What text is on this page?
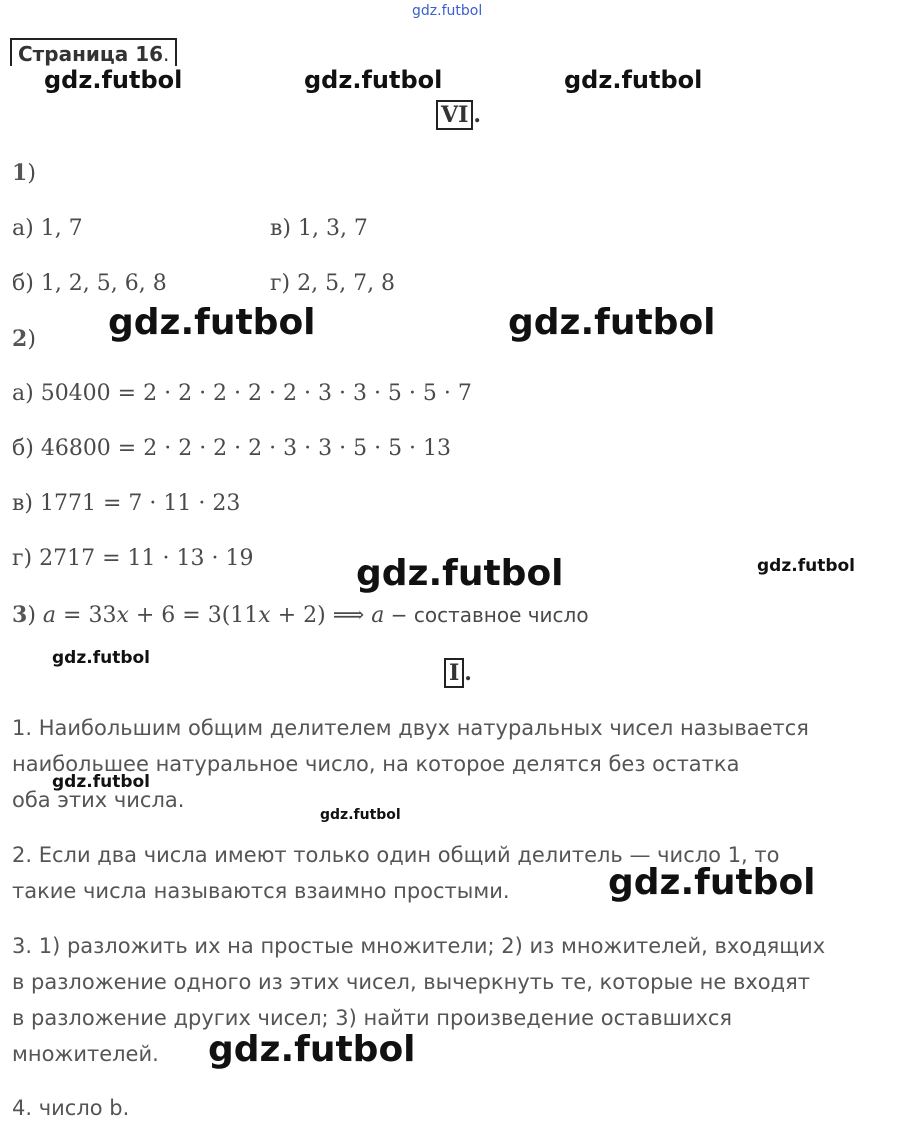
gdz.futbol
Страница 16.
gdz.futbol	gdz.futbol	gdz.futbol
VI .
1)
а) 1, 7	в) 1, 3, 7
б) 1, 2, 5, 6, 8	г) 2, 5, 7, 8
gdz.futbol	gdz.futbol
2)
а) 50400 = 2 · 2 · 2 · 2 · 2 · 3 · 3 · 5 · 5 · 7
б) 46800 = 2 · 2 · 2 · 2 · 3 · 3 · 5 · 5 · 13
в) 1771 = 7 · 11 · 23
г) 2717 = 11 · 13 · 19	gdz.futbol	gdz.futbol
3) a = 33x + 6 = 3(11x + 2) ⟹ a − составное число
gdz.futbol
I .
1. Наибольшим общим делителем двух натуральных чисел называется
наибольшее натуральное число, на которое делятся без остатка
оба этих числа.
gdz.futbol
gdz.futbol
2. Если два числа имеют только один общий делитель — число 1, то
такие числа называются взаимно простыми.	gdz.futbol
3. 1) разложить их на простые множители; 2) из множителей, входящих
в разложение одного из этих чисел, вычеркнуть те, которые не входят
в разложение других чисел; 3) найти произведение оставшихся
множителей. gdz.futbol
4. число b.
